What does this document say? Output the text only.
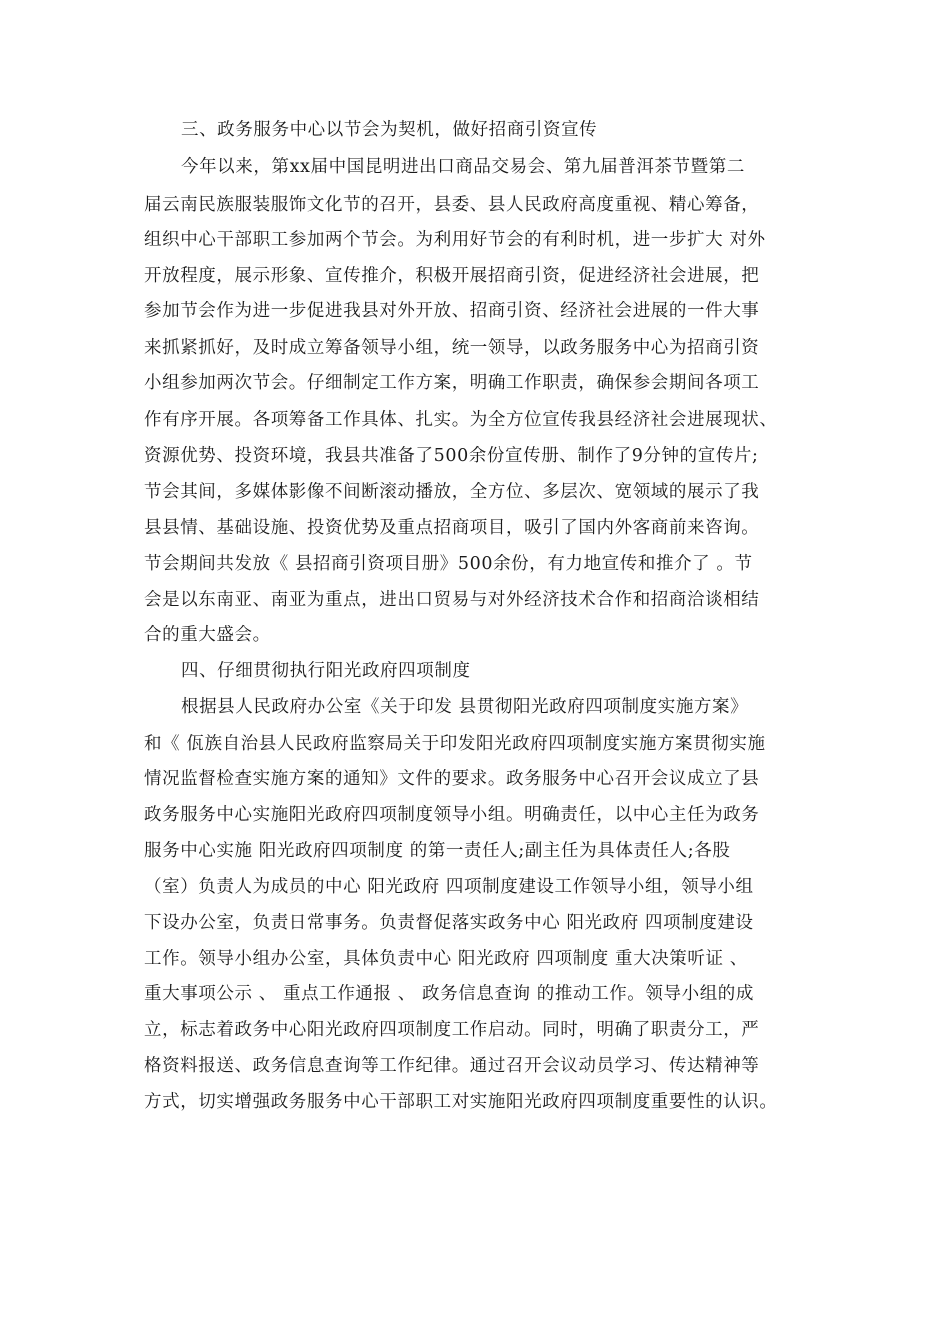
三、政务服务中心以节会为契机，做好招商引资宣传
今年以来，第xx届中国昆明进出口商品交易会、第九届普洱茶节暨第二
届云南民族服装服饰文化节的召开，县委、县人民政府高度重视、精心筹备，
组织中心干部职工参加两个节会。为利用好节会的有利时机，进一步扩大 对外
开放程度，展示形象、宣传推介，积极开展招商引资，促进经济社会进展，把
参加节会作为进一步促进我县对外开放、招商引资、经济社会进展的一件大事
来抓紧抓好，及时成立筹备领导小组，统一领导，以政务服务中心为招商引资
小组参加两次节会。仔细制定工作方案，明确工作职责，确保参会期间各项工
作有序开展。各项筹备工作具体、扎实。为全方位宣传我县经济社会进展现状、
资源优势、投资环境，我县共准备了500余份宣传册、制作了9分钟的宣传片;
节会其间，多媒体影像不间断滚动播放，全方位、多层次、宽领域的展示了我
县县情、基础设施、投资优势及重点招商项目，吸引了国内外客商前来咨询。
节会期间共发放《 县招商引资项目册》500余份，有力地宣传和推介了 。节
会是以东南亚、南亚为重点，进出口贸易与对外经济技术合作和招商洽谈相结
合的重大盛会。
四、仔细贯彻执行阳光政府四项制度
根据县人民政府办公室《关于印发 县贯彻阳光政府四项制度实施方案》
和《 佤族自治县人民政府监察局关于印发阳光政府四项制度实施方案贯彻实施
情况监督检查实施方案的通知》文件的要求。政务服务中心召开会议成立了县
政务服务中心实施阳光政府四项制度领导小组。明确责任，以中心主任为政务
服务中心实施 阳光政府四项制度 的第一责任人;副主任为具体责任人;各股
（室）负责人为成员的中心 阳光政府 四项制度建设工作领导小组，领导小组
下设办公室，负责日常事务。负责督促落实政务中心 阳光政府 四项制度建设
工作。领导小组办公室，具体负责中心 阳光政府 四项制度 重大决策听证 、
重大事项公示 、 重点工作通报 、 政务信息查询 的推动工作。领导小组的成
立，标志着政务中心阳光政府四项制度工作启动。同时，明确了职责分工，严
格资料报送、政务信息查询等工作纪律。通过召开会议动员学习、传达精神等
方式，切实增强政务服务中心干部职工对实施阳光政府四项制度重要性的认识。
